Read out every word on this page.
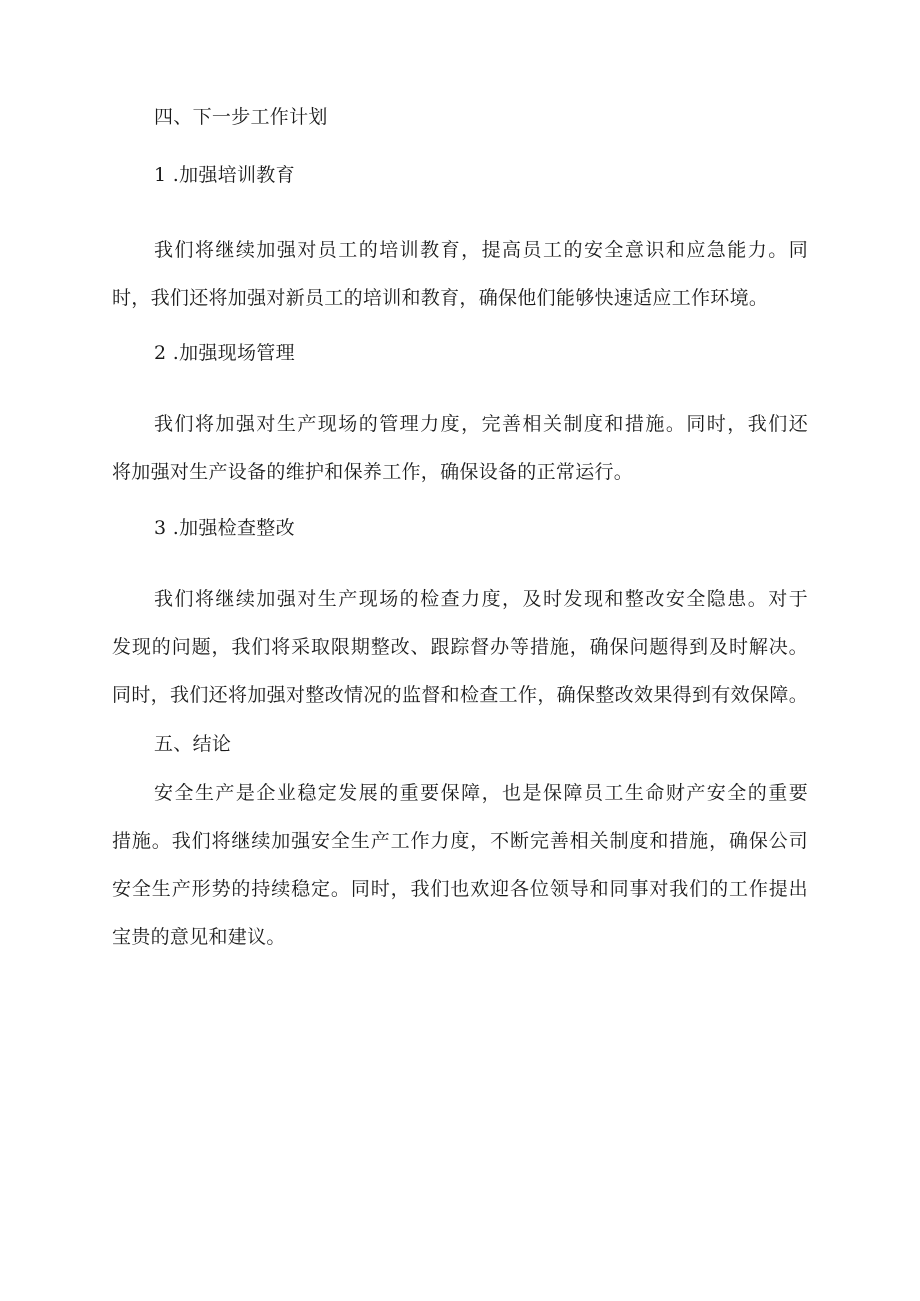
四、下一步工作计划
1 .加强培训教育
我们将继续加强对员工的培训教育，提高员工的安全意识和应急能力。同
时，我们还将加强对新员工的培训和教育，确保他们能够快速适应工作环境。
2 .加强现场管理
我们将加强对生产现场的管理力度，完善相关制度和措施。同时，我们还
将加强对生产设备的维护和保养工作，确保设备的正常运行。
3 .加强检查整改
我们将继续加强对生产现场的检查力度，及时发现和整改安全隐患。对于
发现的问题，我们将采取限期整改、跟踪督办等措施，确保问题得到及时解决。
同时，我们还将加强对整改情况的监督和检查工作，确保整改效果得到有效保障。
五、结论
安全生产是企业稳定发展的重要保障，也是保障员工生命财产安全的重要
措施。我们将继续加强安全生产工作力度，不断完善相关制度和措施，确保公司
安全生产形势的持续稳定。同时，我们也欢迎各位领导和同事对我们的工作提出
宝贵的意见和建议。
